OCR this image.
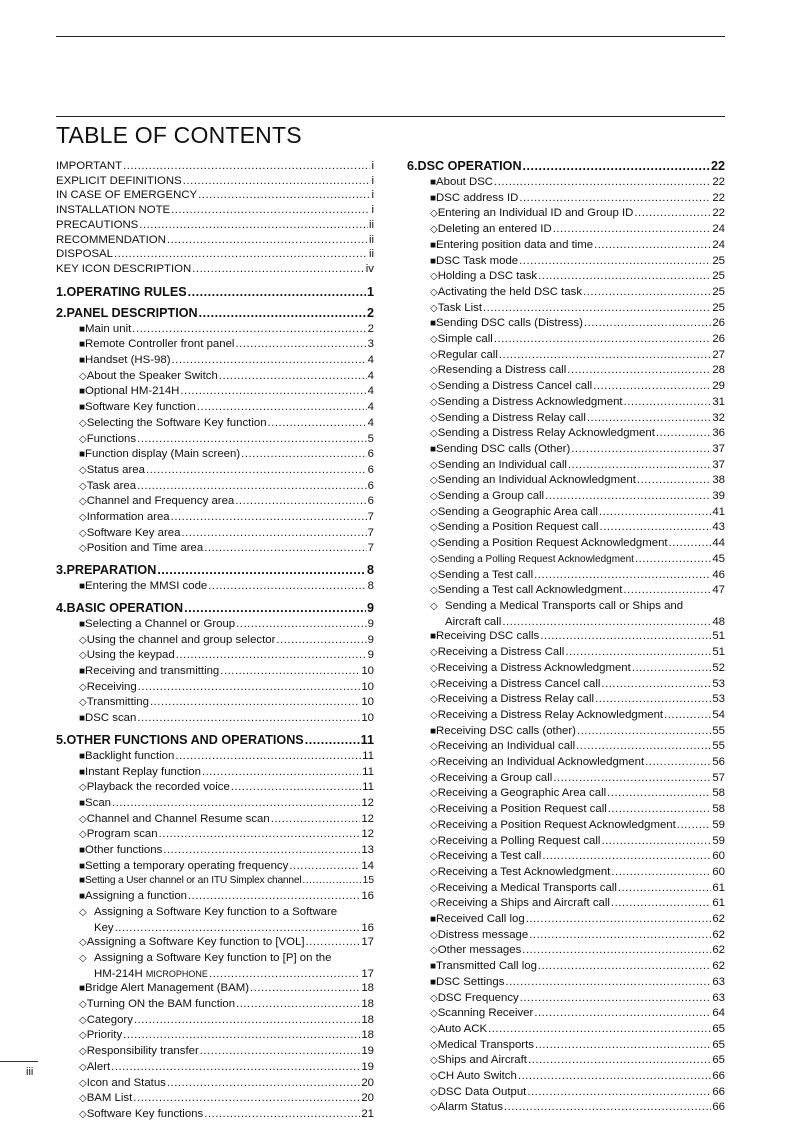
TABLE OF CONTENTS
IMPORTANT .....	i
EXPLICIT DEFINITIONS .....	i
IN CASE OF EMERGENCY .....	i
INSTALLATION NOTE .....	i
PRECAUTIONS .....	ii
RECOMMENDATION .....	ii
DISPOSAL .....	ii
KEY ICON DESCRIPTION .....	iv
1. OPERATING RULES .....	1
2. PANEL DESCRIPTION .....	2
■
Main unit .....	2
■
Remote Controller front panel .....	3
■
Handset (HS-98) .....	4
◇
About the Speaker Switch .....	4
■
Optional HM-214H .....	4
■
Software Key function .....	4
◇
Selecting the Software Key function .....	4
◇
Functions .....	5
■
Function display (Main screen) .....	6
◇
Status area .....	6
◇
Task area .....	6
◇
Channel and Frequency area .....	6
◇
Information area .....	7
◇
Software Key area .....	7
◇
Position and Time area .....	7
3. PREPARATION .....	8
■
Entering the MMSI code .....	8
4. BASIC OPERATION .....	9
■
Selecting a Channel or Group .....	9
◇
Using the channel and group selector .....	9
◇
Using the keypad .....	9
■
Receiving and transmitting .....	10
◇
Receiving .....	10
◇
Transmitting .....	10
■
DSC scan .....	10
5. OTHER FUNCTIONS AND OPERATIONS .....	11
■
Backlight function .....	11
■
Instant Replay function .....	11
◇
Playback the recorded voice .....	11
■
Scan .....	12
◇
Channel and Channel Resume scan .....	12
◇
Program scan .....	12
■
Other functions .....	13
■
Setting a temporary operating frequency .....	14
■
Setting a User channel or an ITU Simplex channel .....	15
■
Assigning a function .....	16
◇ Assigning a Software Key function to a Software
Key .....	16
◇
Assigning a Software Key function to [VOL] .....	17
◇ Assigning a Software Key function to [P] on the
HM-214H MICROPHONE .....	17
■
Bridge Alert Management (BAM) .....	18
◇
Turning ON the BAM function .....	18
◇
Category .....	18
◇
Priority .....	18
◇
Responsibility transfer .....	19
◇
Alert .....	19
◇
Icon and Status .....	20
◇
BAM List .....	20
◇
Software Key functions .....	21
6. DSC OPERATION .....	22
■
About DSC .....	22
■
DSC address ID .....	22
◇
Entering an Individual ID and Group ID .....	22
◇
Deleting an entered ID .....	24
■
Entering position data and time .....	24
■
DSC Task mode .....	25
◇
Holding a DSC task .....	25
◇
Activating the held DSC task .....	25
◇
Task List .....	25
■
Sending DSC calls (Distress) .....	26
◇
Simple call .....	26
◇
Regular call .....	27
◇
Resending a Distress call .....	28
◇
Sending a Distress Cancel call .....	29
◇
Sending a Distress Acknowledgment .....	31
◇
Sending a Distress Relay call .....	32
◇
Sending a Distress Relay Acknowledgment .....	36
■
Sending DSC calls (Other) .....	37
◇
Sending an Individual call .....	37
◇
Sending an Individual Acknowledgment .....	38
◇
Sending a Group call .....	39
◇
Sending a Geographic Area call .....	41
◇
Sending a Position Request call .....	43
◇
Sending a Position Request Acknowledgment .....	44
◇
Sending a Polling Request Acknowledgment .....	45
◇
Sending a Test call .....	46
◇
Sending a Test call Acknowledgment .....	47
◇ Sending a Medical Transports call or Ships and
Aircraft call .....	48
■
Receiving DSC calls .....	51
◇
Receiving a Distress Call .....	51
◇
Receiving a Distress Acknowledgment .....	52
◇
Receiving a Distress Cancel call .....	53
◇
Receiving a Distress Relay call .....	53
◇
Receiving a Distress Relay Acknowledgment .....	54
■
Receiving DSC calls (other) .....	55
◇
Receiving an Individual call .....	55
◇
Receiving an Individual Acknowledgment .....	56
◇
Receiving a Group call .....	57
◇
Receiving a Geographic Area call .....	58
◇
Receiving a Position Request call .....	58
◇
Receiving a Position Request Acknowledgment .....	59
◇
Receiving a Polling Request call .....	59
◇
Receiving a Test call .....	60
◇
Receiving a Test Acknowledgment .....	60
◇
Receiving a Medical Transports call .....	61
◇
Receiving a Ships and Aircraft call .....	61
■
Received Call log .....	62
◇
Distress message .....	62
◇
Other messages .....	62
■
Transmitted Call log .....	62
■
DSC Settings .....	63
◇
DSC Frequency .....	63
◇
Scanning Receiver .....	64
◇
Auto ACK .....	65
◇
Medical Transports .....	65
◇
Ships and Aircraft .....	65
◇
CH Auto Switch .....	66
◇
DSC Data Output .....	66
◇
Alarm Status .....	66
iii
